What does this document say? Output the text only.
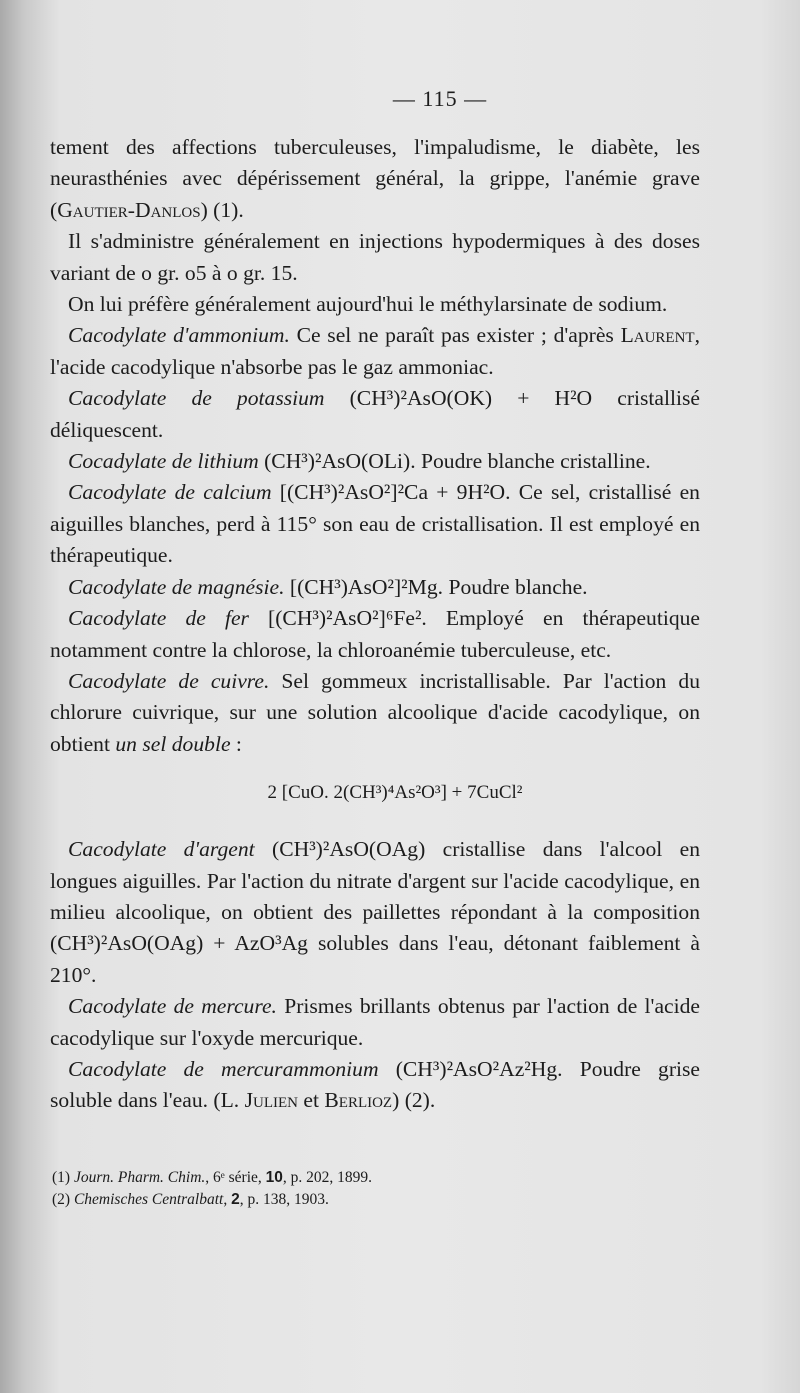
— 115 —

tement des affections tuberculeuses, l'impaludisme, le diabète, les neurasthénies avec dépérissement général, la grippe, l'anémie grave (Gautier-Danlos) (1).

Il s'administre généralement en injections hypodermiques à des doses variant de o gr. o5 à o gr. 15.

On lui préfère généralement aujourd'hui le méthylarsinate de sodium.

Cacodylate d'ammonium. Ce sel ne paraît pas exister ; d'après Laurent, l'acide cacodylique n'absorbe pas le gaz ammoniac.

Cacodylate de potassium (CH³)²AsO(OK) + H²O cristallisé déliquescent.

Cocadylate de lithium (CH³)²AsO(OLi). Poudre blanche cristalline.

Cacodylate de calcium [(CH³)²AsO²]²Ca + 9H²O. Ce sel, cristallisé en aiguilles blanches, perd à 115° son eau de cristallisation. Il est employé en thérapeutique.

Cacodylate de magnésie. [(CH³)AsO²]²Mg. Poudre blanche.

Cacodylate de fer [(CH³)²AsO²]⁶Fe². Employé en thérapeutique notamment contre la chlorose, la chloroanémie tuberculeuse, etc.

Cacodylate de cuivre. Sel gommeux incristallisable. Par l'action du chlorure cuivrique, sur une solution alcoolique d'acide cacodylique, on obtient un sel double :

2 [CuO. 2(CH³)⁴As²O³] + 7CuCl²

Cacodylate d'argent (CH³)²AsO(OAg) cristallise dans l'alcool en longues aiguilles. Par l'action du nitrate d'argent sur l'acide cacodylique, en milieu alcoolique, on obtient des paillettes répondant à la composition (CH³)²AsO(OAg) + AzO³Ag solubles dans l'eau, détonant faiblement à 210°.

Cacodylate de mercure. Prismes brillants obtenus par l'action de l'acide cacodylique sur l'oxyde mercurique.

Cacodylate de mercurammonium (CH³)²AsO²Az²Hg. Poudre grise soluble dans l'eau. (L. Julien et Berlioz) (2).

(1) Journ. Pharm. Chim., 6ᵉ série, 10, p. 202, 1899.
(2) Chemisches Centralbatt, 2, p. 138, 1903.
